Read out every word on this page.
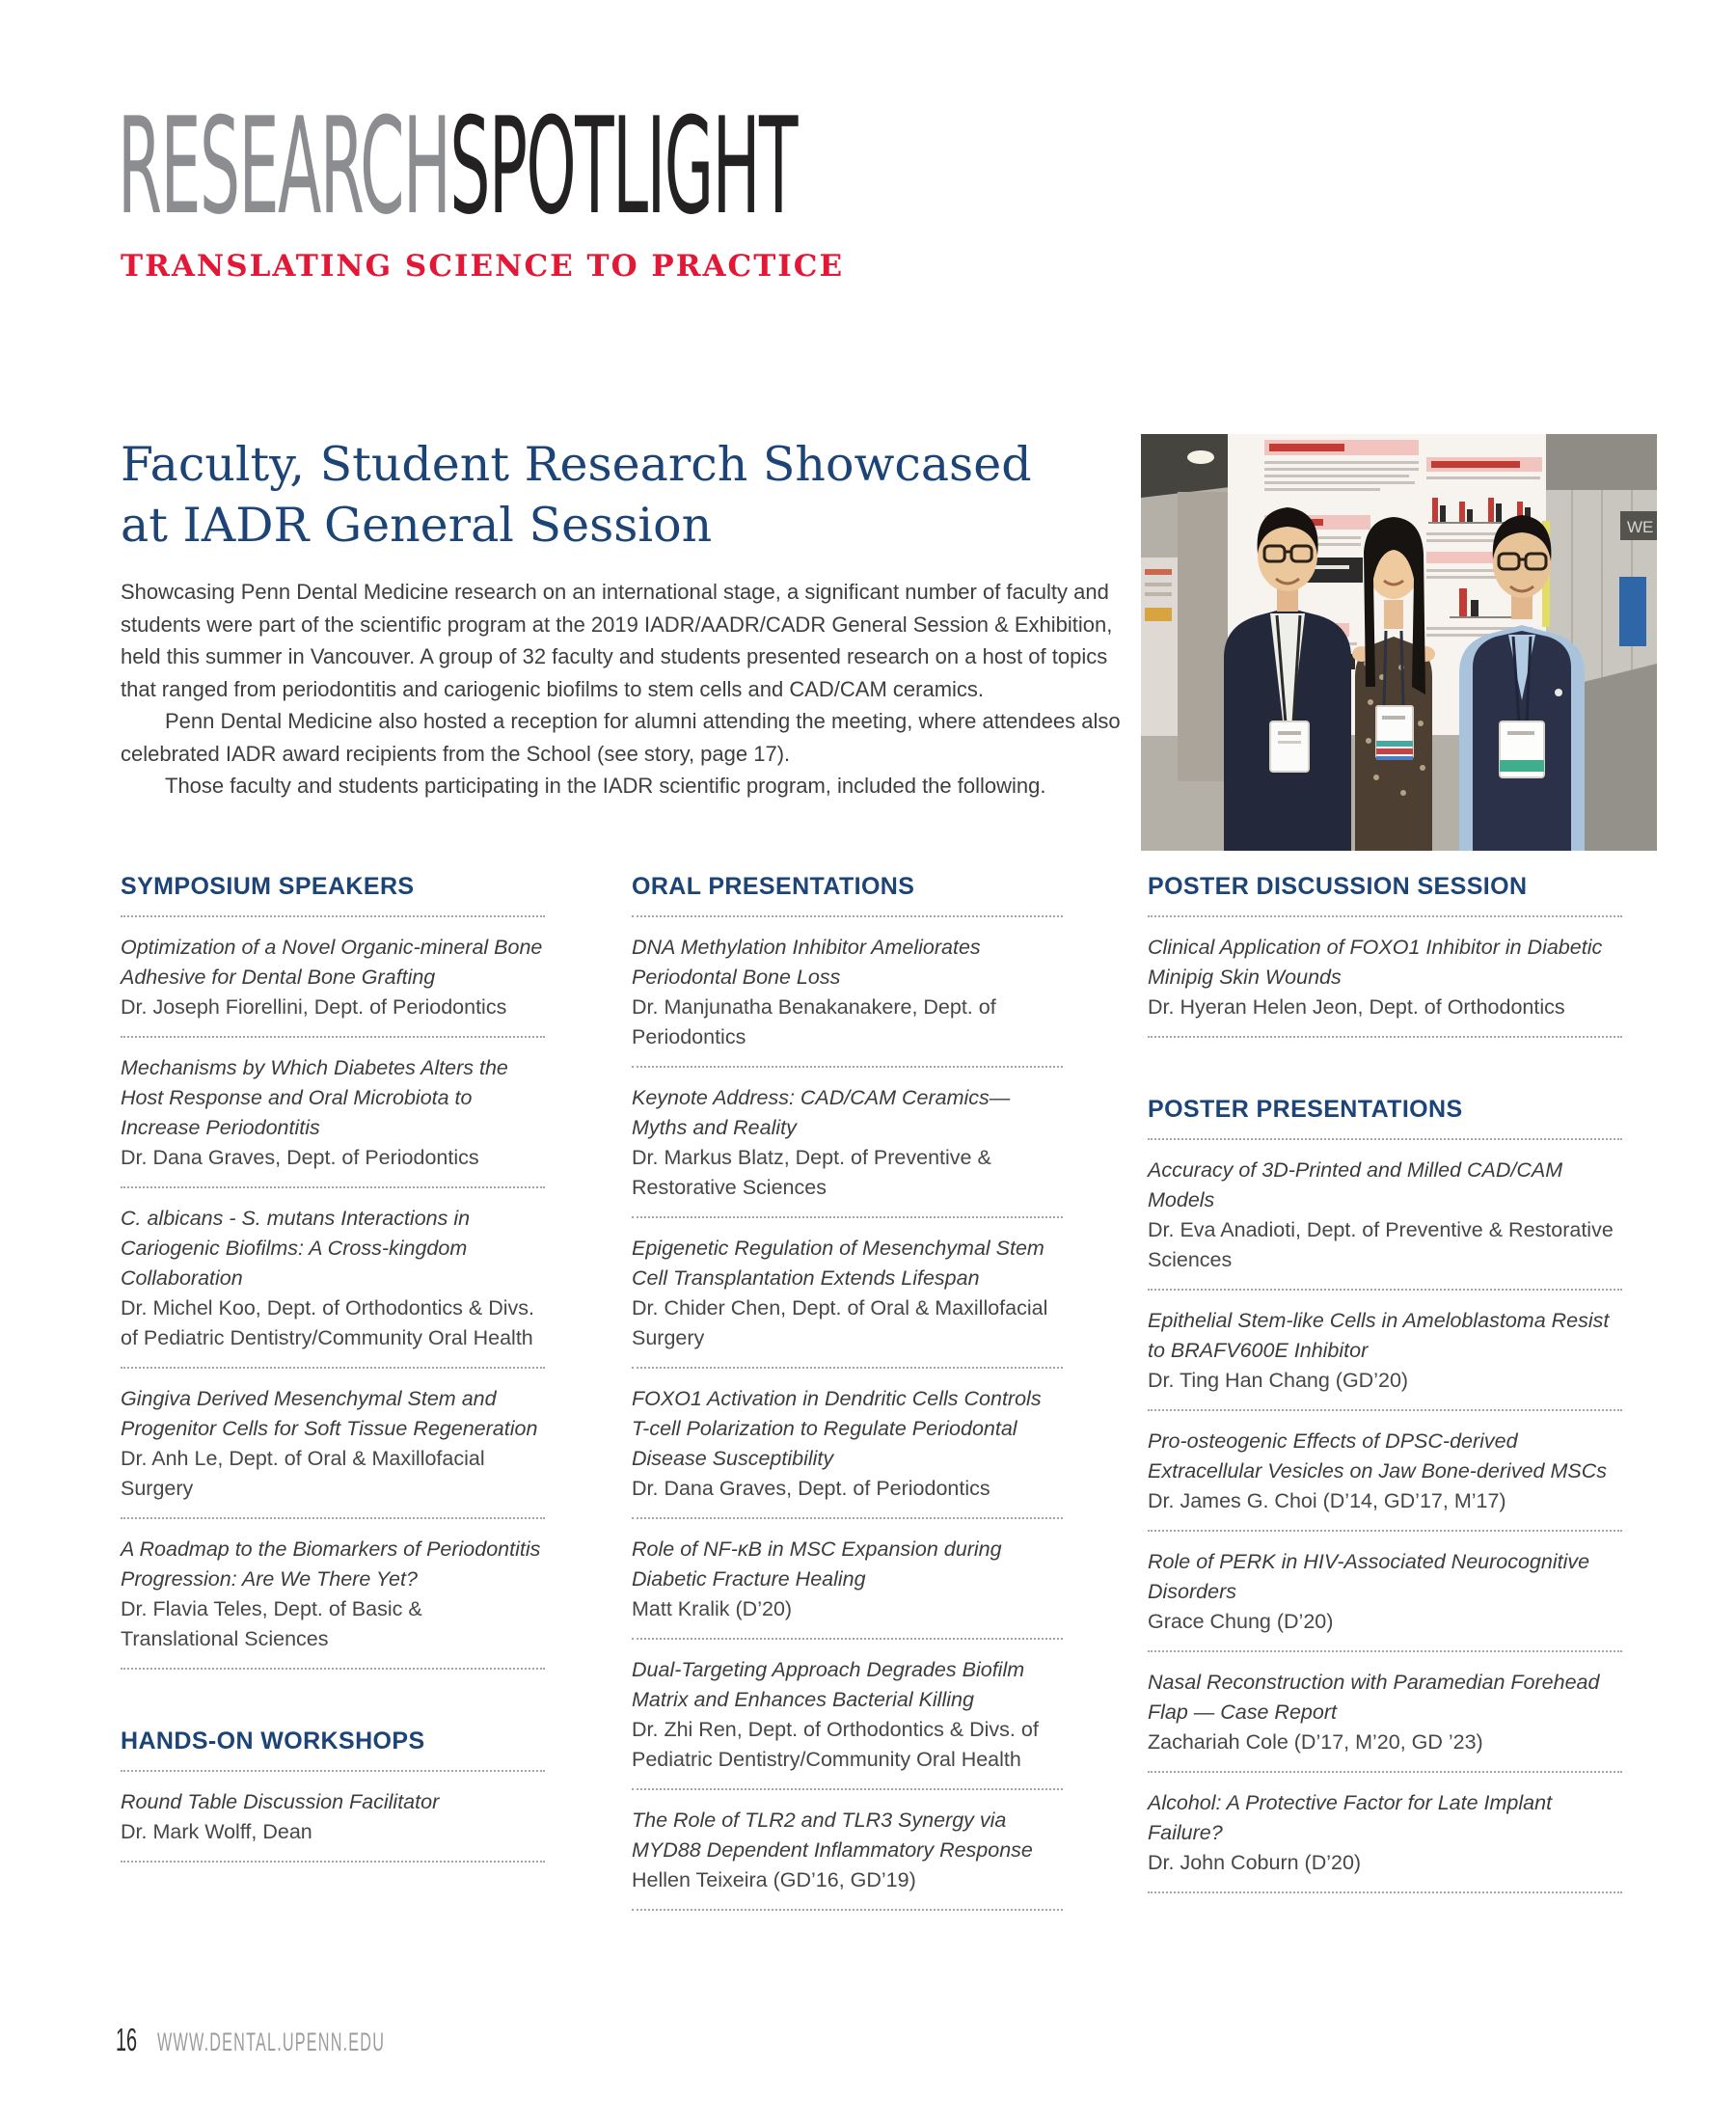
RESEARCHSPOTLIGHT
TRANSLATING SCIENCE TO PRACTICE
Faculty, Student Research Showcased
at IADR General Session

Showcasing Penn Dental Medicine research on an international stage, a significant number of faculty and students were part of the scientific program at the 2019 IADR/AADR/CADR General Session & Exhibition, held this summer in Vancouver. A group of 32 faculty and students presented research on a host of topics that ranged from periodontitis and cariogenic biofilms to stem cells and CAD/CAM ceramics.

Penn Dental Medicine also hosted a reception for alumni attending the meeting, where attendees also celebrated IADR award recipients from the School (see story, page 17).

Those faculty and students participating in the IADR scientific program, included the following.

WE
SYMPOSIUM SPEAKERS
Optimization of a Novel Organic-mineral Bone Adhesive for Dental Bone Grafting
Dr. Joseph Fiorellini, Dept. of Periodontics
Mechanisms by Which Diabetes Alters the Host Response and Oral Microbiota to Increase Periodontitis
Dr. Dana Graves, Dept. of Periodontics
C. albicans - S. mutans Interactions in Cariogenic Biofilms: A Cross-kingdom Collaboration
Dr. Michel Koo, Dept. of Orthodontics & Divs. of Pediatric Dentistry/Community Oral Health
Gingiva Derived Mesenchymal Stem and Progenitor Cells for Soft Tissue Regeneration
Dr. Anh Le, Dept. of Oral & Maxillofacial Surgery
A Roadmap to the Biomarkers of Periodontitis Progression: Are We There Yet?
Dr. Flavia Teles, Dept. of Basic & Translational Sciences
HANDS-ON WORKSHOPS
Round Table Discussion Facilitator
Dr. Mark Wolff, Dean
ORAL PRESENTATIONS
DNA Methylation Inhibitor Ameliorates Periodontal Bone Loss
Dr. Manjunatha Benakanakere, Dept. of Periodontics
Keynote Address: CAD/CAM Ceramics—Myths and Reality
Dr. Markus Blatz, Dept. of Preventive & Restorative Sciences
Epigenetic Regulation of Mesenchymal Stem Cell Transplantation Extends Lifespan
Dr. Chider Chen, Dept. of Oral & Maxillofacial Surgery
FOXO1 Activation in Dendritic Cells Controls T-cell Polarization to Regulate Periodontal Disease Susceptibility
Dr. Dana Graves, Dept. of Periodontics
Role of NF-κB in MSC Expansion during Diabetic Fracture Healing
Matt Kralik (D’20)
Dual-Targeting Approach Degrades Biofilm Matrix and Enhances Bacterial Killing
Dr. Zhi Ren, Dept. of Orthodontics & Divs. of Pediatric Dentistry/Community Oral Health
The Role of TLR2 and TLR3 Synergy via MYD88 Dependent Inflammatory Response
Hellen Teixeira (GD’16, GD’19)
POSTER DISCUSSION SESSION
Clinical Application of FOXO1 Inhibitor in Diabetic Minipig Skin Wounds
Dr. Hyeran Helen Jeon, Dept. of Orthodontics
POSTER PRESENTATIONS
Accuracy of 3D-Printed and Milled CAD/CAM Models
Dr. Eva Anadioti, Dept. of Preventive & Restorative Sciences
Epithelial Stem-like Cells in Ameloblastoma Resist to BRAFV600E Inhibitor
Dr. Ting Han Chang (GD’20)
Pro-osteogenic Effects of DPSC-derived Extracellular Vesicles on Jaw Bone-derived MSCs
Dr. James G. Choi (D’14, GD’17, M’17)
Role of PERK in HIV-Associated Neurocognitive Disorders
Grace Chung (D’20)
Nasal Reconstruction with Paramedian Forehead Flap — Case Report
Zachariah Cole (D’17, M’20, GD ’23)
Alcohol: A Protective Factor for Late Implant Failure?
Dr. John Coburn (D’20)
16 WWW.DENTAL.UPENN.EDU
